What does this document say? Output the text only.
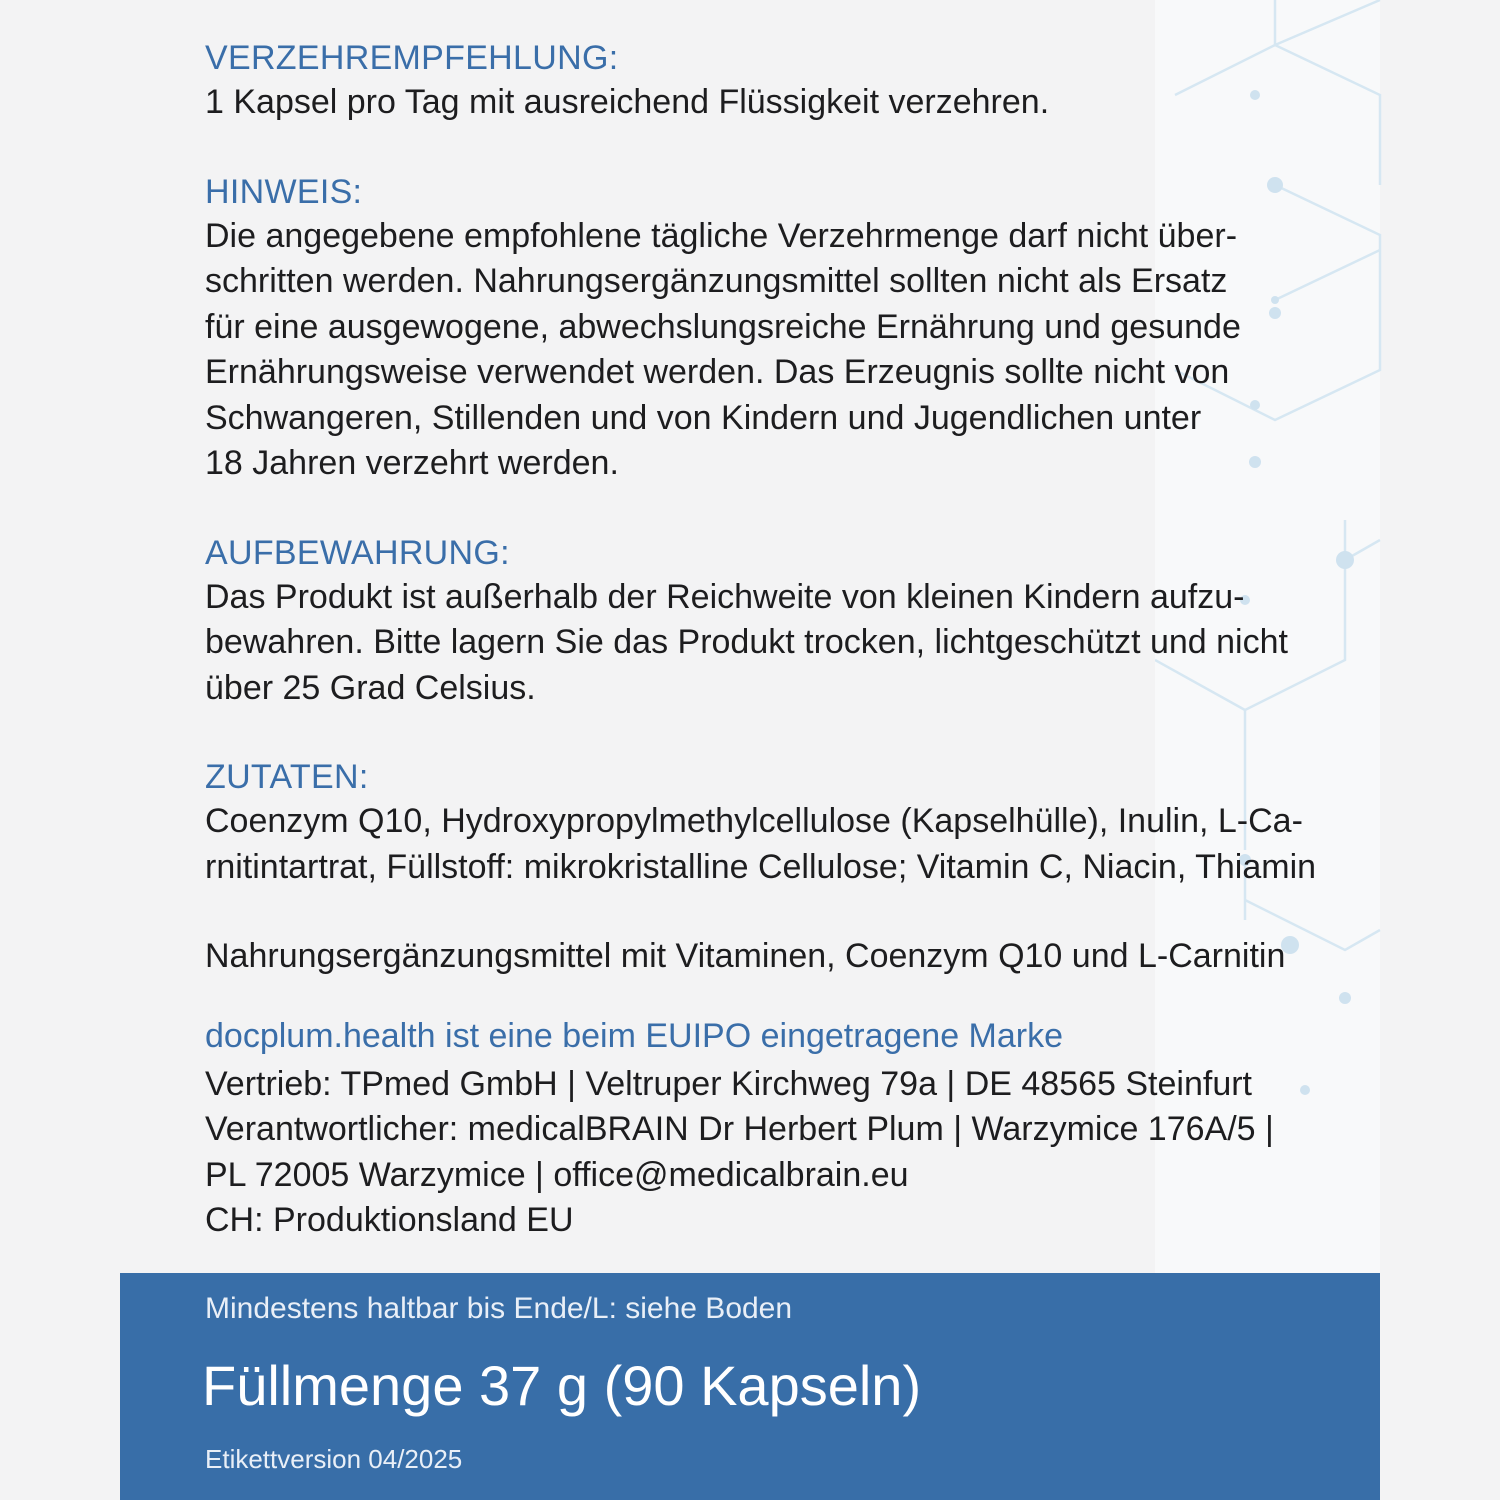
VERZEHREMPFEHLUNG:
1 Kapsel pro Tag mit ausreichend Flüssigkeit verzehren.
HINWEIS:
Die angegebene empfohlene tägliche Verzehrmenge darf nicht über-
schritten werden. Nahrungsergänzungsmittel sollten nicht als Ersatz
für eine ausgewogene, abwechslungsreiche Ernährung und gesunde
Ernährungsweise verwendet werden. Das Erzeugnis sollte nicht von
Schwangeren, Stillenden und von Kindern und Jugendlichen unter
18 Jahren verzehrt werden.
AUFBEWAHRUNG:
Das Produkt ist außerhalb der Reichweite von kleinen Kindern aufzu-
bewahren. Bitte lagern Sie das Produkt trocken, lichtgeschützt und nicht
über 25 Grad Celsius.
ZUTATEN:
Coenzym Q10, Hydroxypropylmethylcellulose (Kapselhülle), Inulin, L-Ca-
rnitintartrat, Füllstoff: mikrokristalline Cellulose; Vitamin C, Niacin, Thiamin
Nahrungsergänzungsmittel mit Vitaminen, Coenzym Q10 und L-Carnitin
docplum.health ist eine beim EUIPO eingetragene Marke
Vertrieb: TPmed GmbH | Veltruper Kirchweg 79a | DE 48565 Steinfurt
Verantwortlicher: medicalBRAIN Dr Herbert Plum | Warzymice 176A/5 |
PL 72005 Warzymice | office@medicalbrain.eu
CH: Produktionsland EU
Mindestens haltbar bis Ende/L: siehe Boden
Füllmenge 37 g (90 Kapseln)
Etikettversion 04/2025
